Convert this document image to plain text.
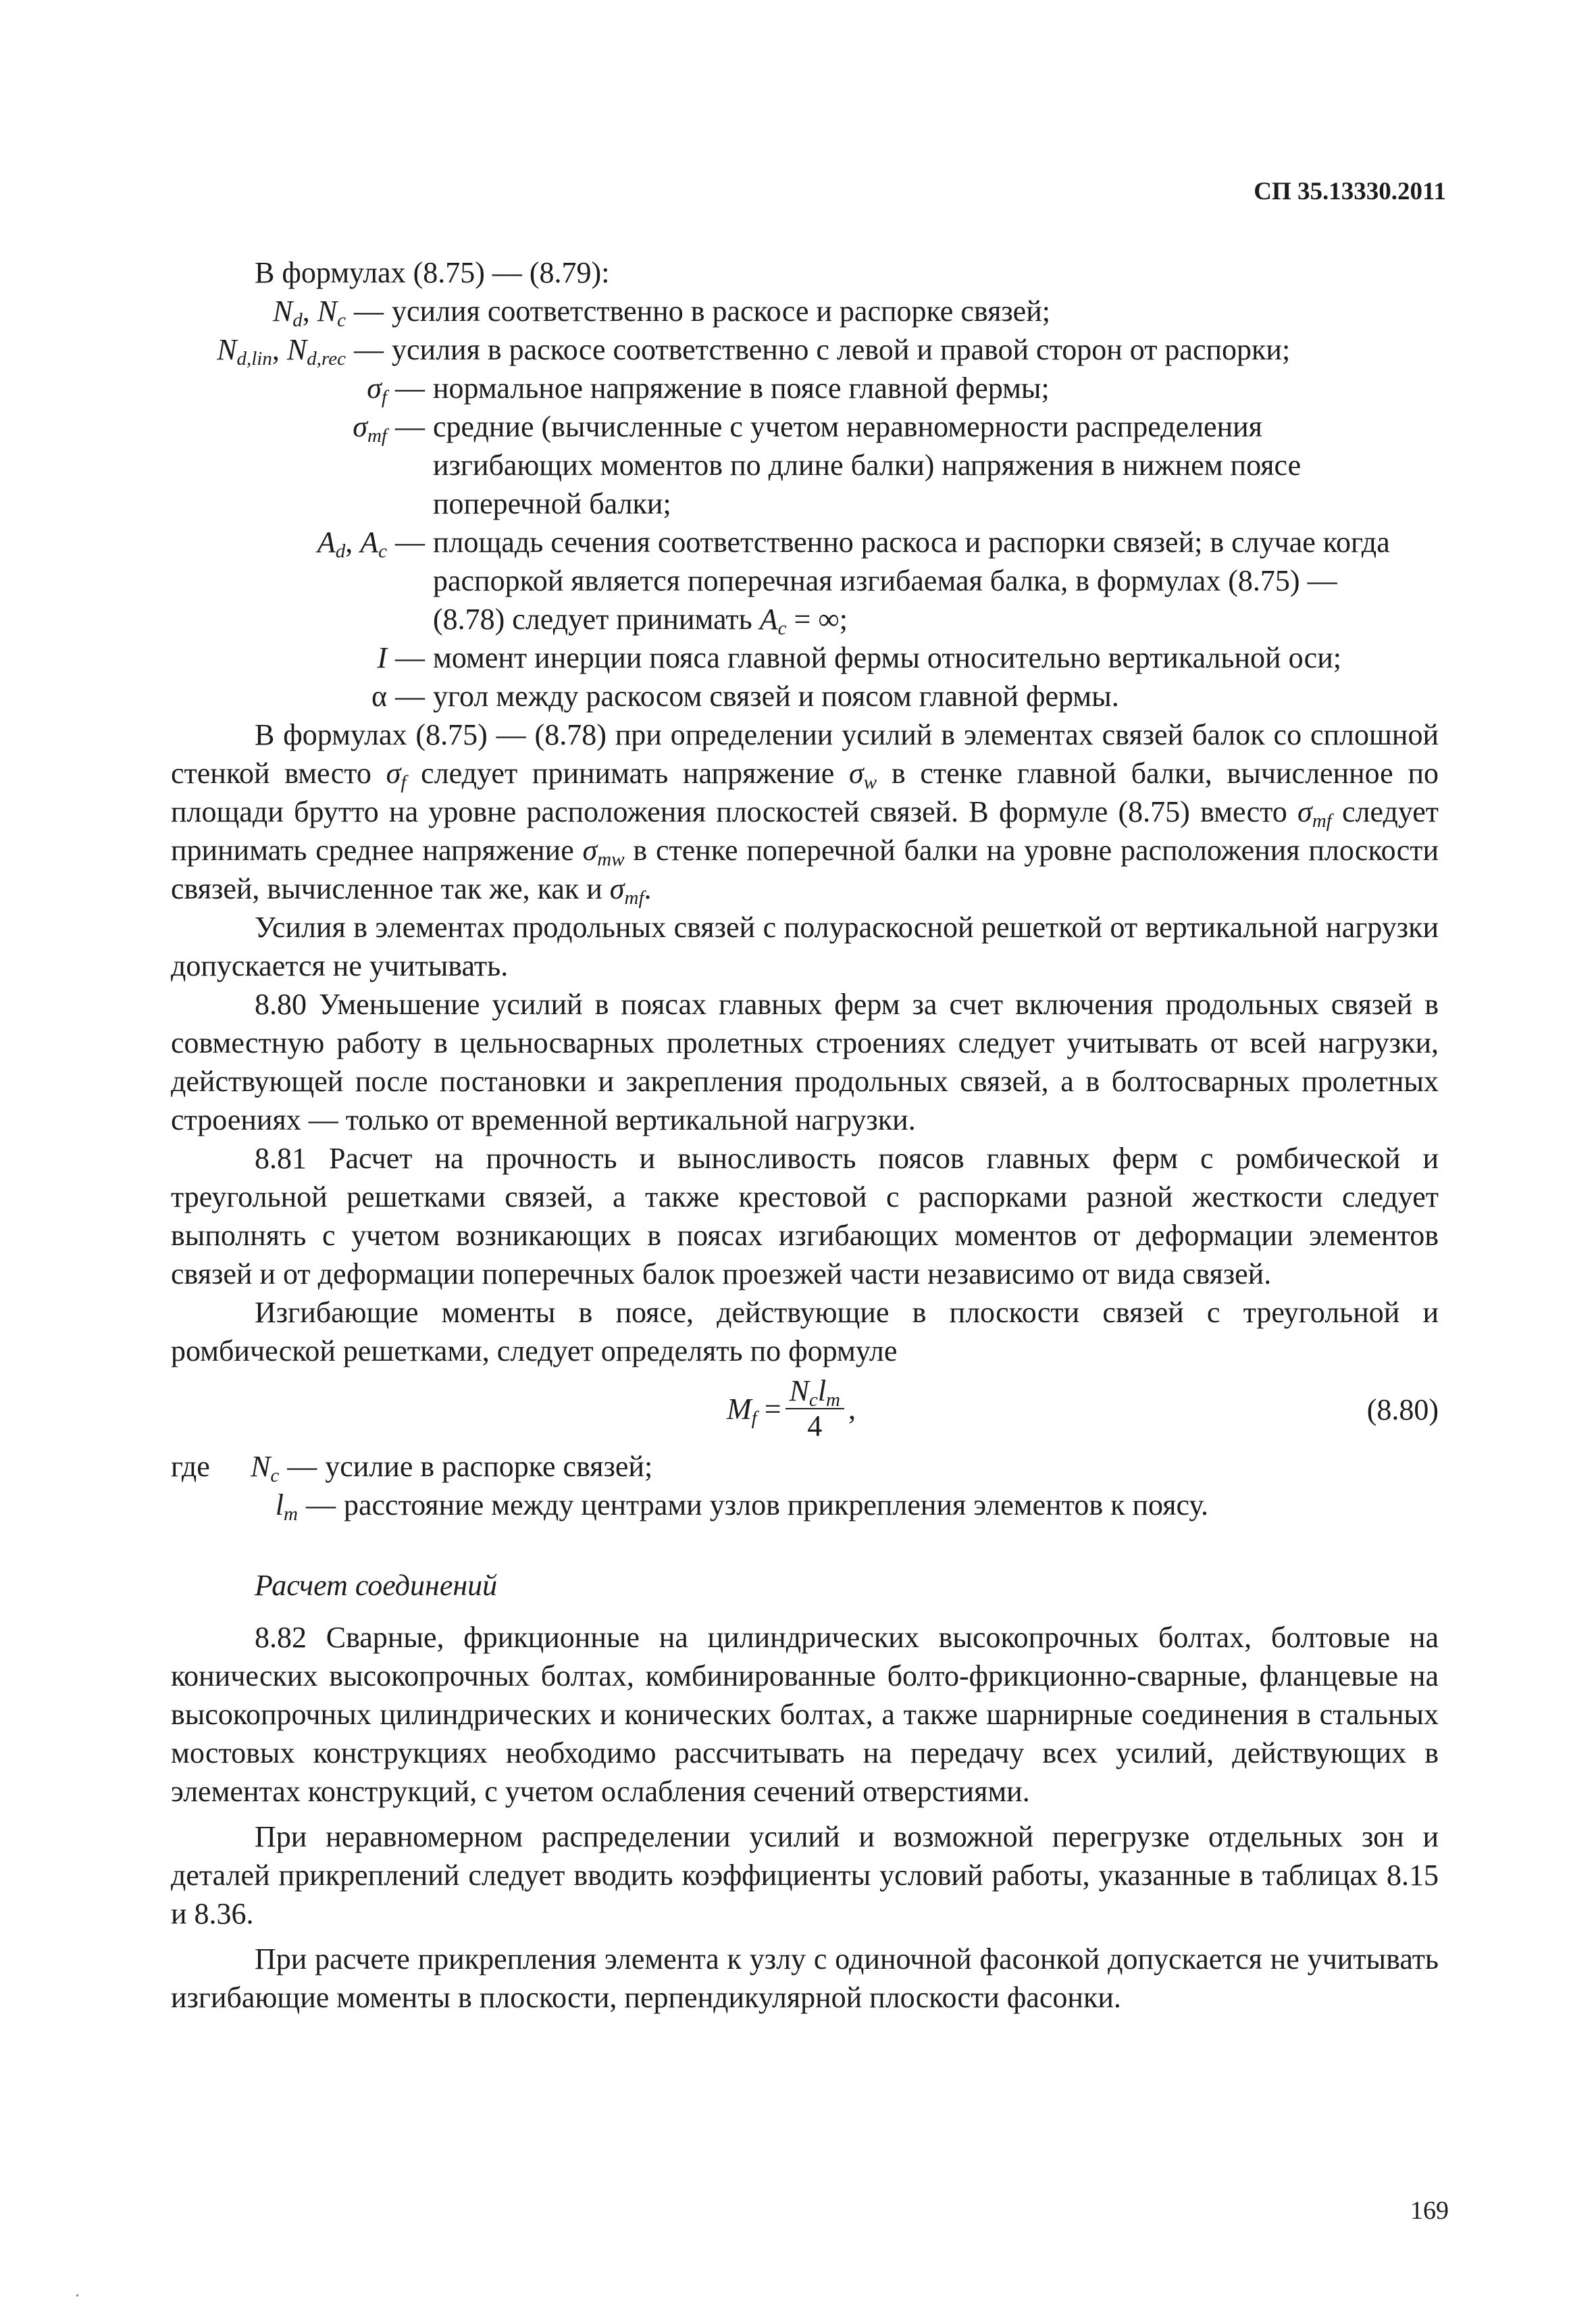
СП 35.13330.2011
В формулах (8.75) — (8.79):
$N_d$, $N_c$ — усилия соответственно в раскосе и распорке связей;
$N_{d,lin}$, $N_{d,rec}$ — усилия в раскосе соответственно с левой и правой сторон от распорки;
$\sigma_f$ — нормальное напряжение в поясе главной фермы;
$\sigma_{mf}$ — средние (вычисленные с учетом неравномерности распределения изгибающих моментов по длине балки) напряжения в нижнем поясе поперечной балки;
$A_d$, $A_c$ — площадь сечения соответственно раскоса и распорки связей; в случае когда распоркой является поперечная изгибаемая балка, в формулах (8.75) — (8.78) следует принимать $A_c$ = ∞;
I — момент инерции пояса главной фермы относительно вертикальной оси;
α — угол между раскосом связей и поясом главной фермы.

В формулах (8.75) — (8.78) при определении усилий в элементах связей балок со сплошной стенкой вместо $\sigma_f$ следует принимать напряжение $\sigma_w$ в стенке главной балки, вычисленное по площади брутто на уровне расположения плоскостей связей. В формуле (8.75) вместо $\sigma_{mf}$ следует принимать среднее напряжение $\sigma_{mw}$ в стенке поперечной балки на уровне расположения плоскости связей, вычисленное так же, как и $\sigma_{mf}$.

Усилия в элементах продольных связей с полураскосной решеткой от вертикальной нагрузки допускается не учитывать.

8.80 Уменьшение усилий в поясах главных ферм за счет включения продольных связей в совместную работу в цельносварных пролетных строениях следует учитывать от всей нагрузки, действующей после постановки и закрепления продольных связей, а в болтосварных пролетных строениях — только от временной вертикальной нагрузки.

8.81 Расчет на прочность и выносливость поясов главных ферм с ромбической и треугольной решетками связей, а также крестовой с распорками разной жесткости следует выполнять с учетом возникающих в поясах изгибающих моментов от деформации элементов связей и от деформации поперечных балок проезжей части независимо от вида связей.

Изгибающие моменты в поясе, действующие в плоскости связей с треугольной и ромбической решетками, следует определять по формуле

$M_f = \frac{N_cl_m}{4}$ ,	(8.80)
где	$N_c$ — усилие в распорке связей;
$l_m$ — расстояние между центрами узлов прикрепления элементов к поясу.
Расчет соединений

8.82 Сварные, фрикционные на цилиндрических высокопрочных болтах, болтовые на конических высокопрочных болтах, комбинированные болто-фрикционно-сварные, фланцевые на высокопрочных цилиндрических и конических болтах, а также шарнирные соединения в стальных мостовых конструкциях необходимо рассчитывать на передачу всех усилий, действующих в элементах конструкций, с учетом ослабления сечений отверстиями.

При неравномерном распределении усилий и возможной перегрузке отдельных зон и деталей прикреплений следует вводить коэффициенты условий работы, указанные в таблицах 8.15 и 8.36.

При расчете прикрепления элемента к узлу с одиночной фасонкой допускается не учитывать изгибающие моменты в плоскости, перпендикулярной плоскости фасонки.

169
